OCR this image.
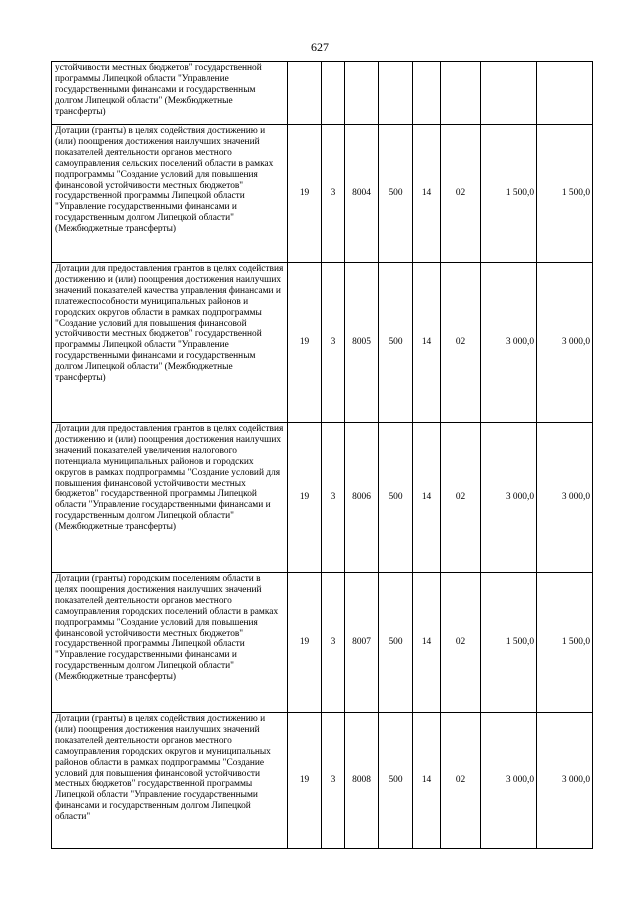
627
устойчивости местных бюджетов" государственной программы Липецкой области "Управление государственными финансами и государственным долгом Липецкой области" (Межбюджетные трансферты)								
Дотации (гранты) в целях содействия достижению и (или) поощрения достижения наилучших значений показателей деятельности органов местного самоуправления сельских поселений области в рамках подпрограммы "Создание условий для повышения финансовой устойчивости местных бюджетов" государственной программы Липецкой области "Управление государственными финансами и государственным долгом Липецкой области" (Межбюджетные трансферты)	19	3	8004	500	14	02	1 500,0	1 500,0
Дотации для предоставления грантов в целях содействия достижению и (или) поощрения достижения наилучших значений показателей качества управления финансами и платежеспособности муниципальных районов и городских округов области в рамках подпрограммы "Создание условий для повышения финансовой устойчивости местных бюджетов" государственной программы Липецкой области "Управление государственными финансами и государственным долгом Липецкой области" (Межбюджетные трансферты)	19	3	8005	500	14	02	3 000,0	3 000,0
Дотации для предоставления грантов в целях содействия достижению и (или) поощрения достижения наилучших значений показателей увеличения налогового потенциала муниципальных районов и городских округов в рамках подпрограммы "Создание условий для повышения финансовой устойчивости местных бюджетов" государственной программы Липецкой области "Управление государственными финансами и государственным долгом Липецкой области" (Межбюджетные трансферты)	19	3	8006	500	14	02	3 000,0	3 000,0
Дотации (гранты) городским поселениям области в целях поощрения достижения наилучших значений показателей деятельности органов местного самоуправления городских поселений области в рамках подпрограммы "Создание условий для повышения финансовой устойчивости местных бюджетов" государственной программы Липецкой области "Управление государственными финансами и государственным долгом Липецкой области" (Межбюджетные трансферты)	19	3	8007	500	14	02	1 500,0	1 500,0
Дотации (гранты) в целях содействия достижению и (или) поощрения достижения наилучших значений показателей деятельности органов местного самоуправления городских округов и муниципальных районов области в рамках подпрограммы "Создание условий для повышения финансовой устойчивости местных бюджетов" государственной программы Липецкой области "Управление государственными финансами и государственным долгом Липецкой области"	19	3	8008	500	14	02	3 000,0	3 000,0
